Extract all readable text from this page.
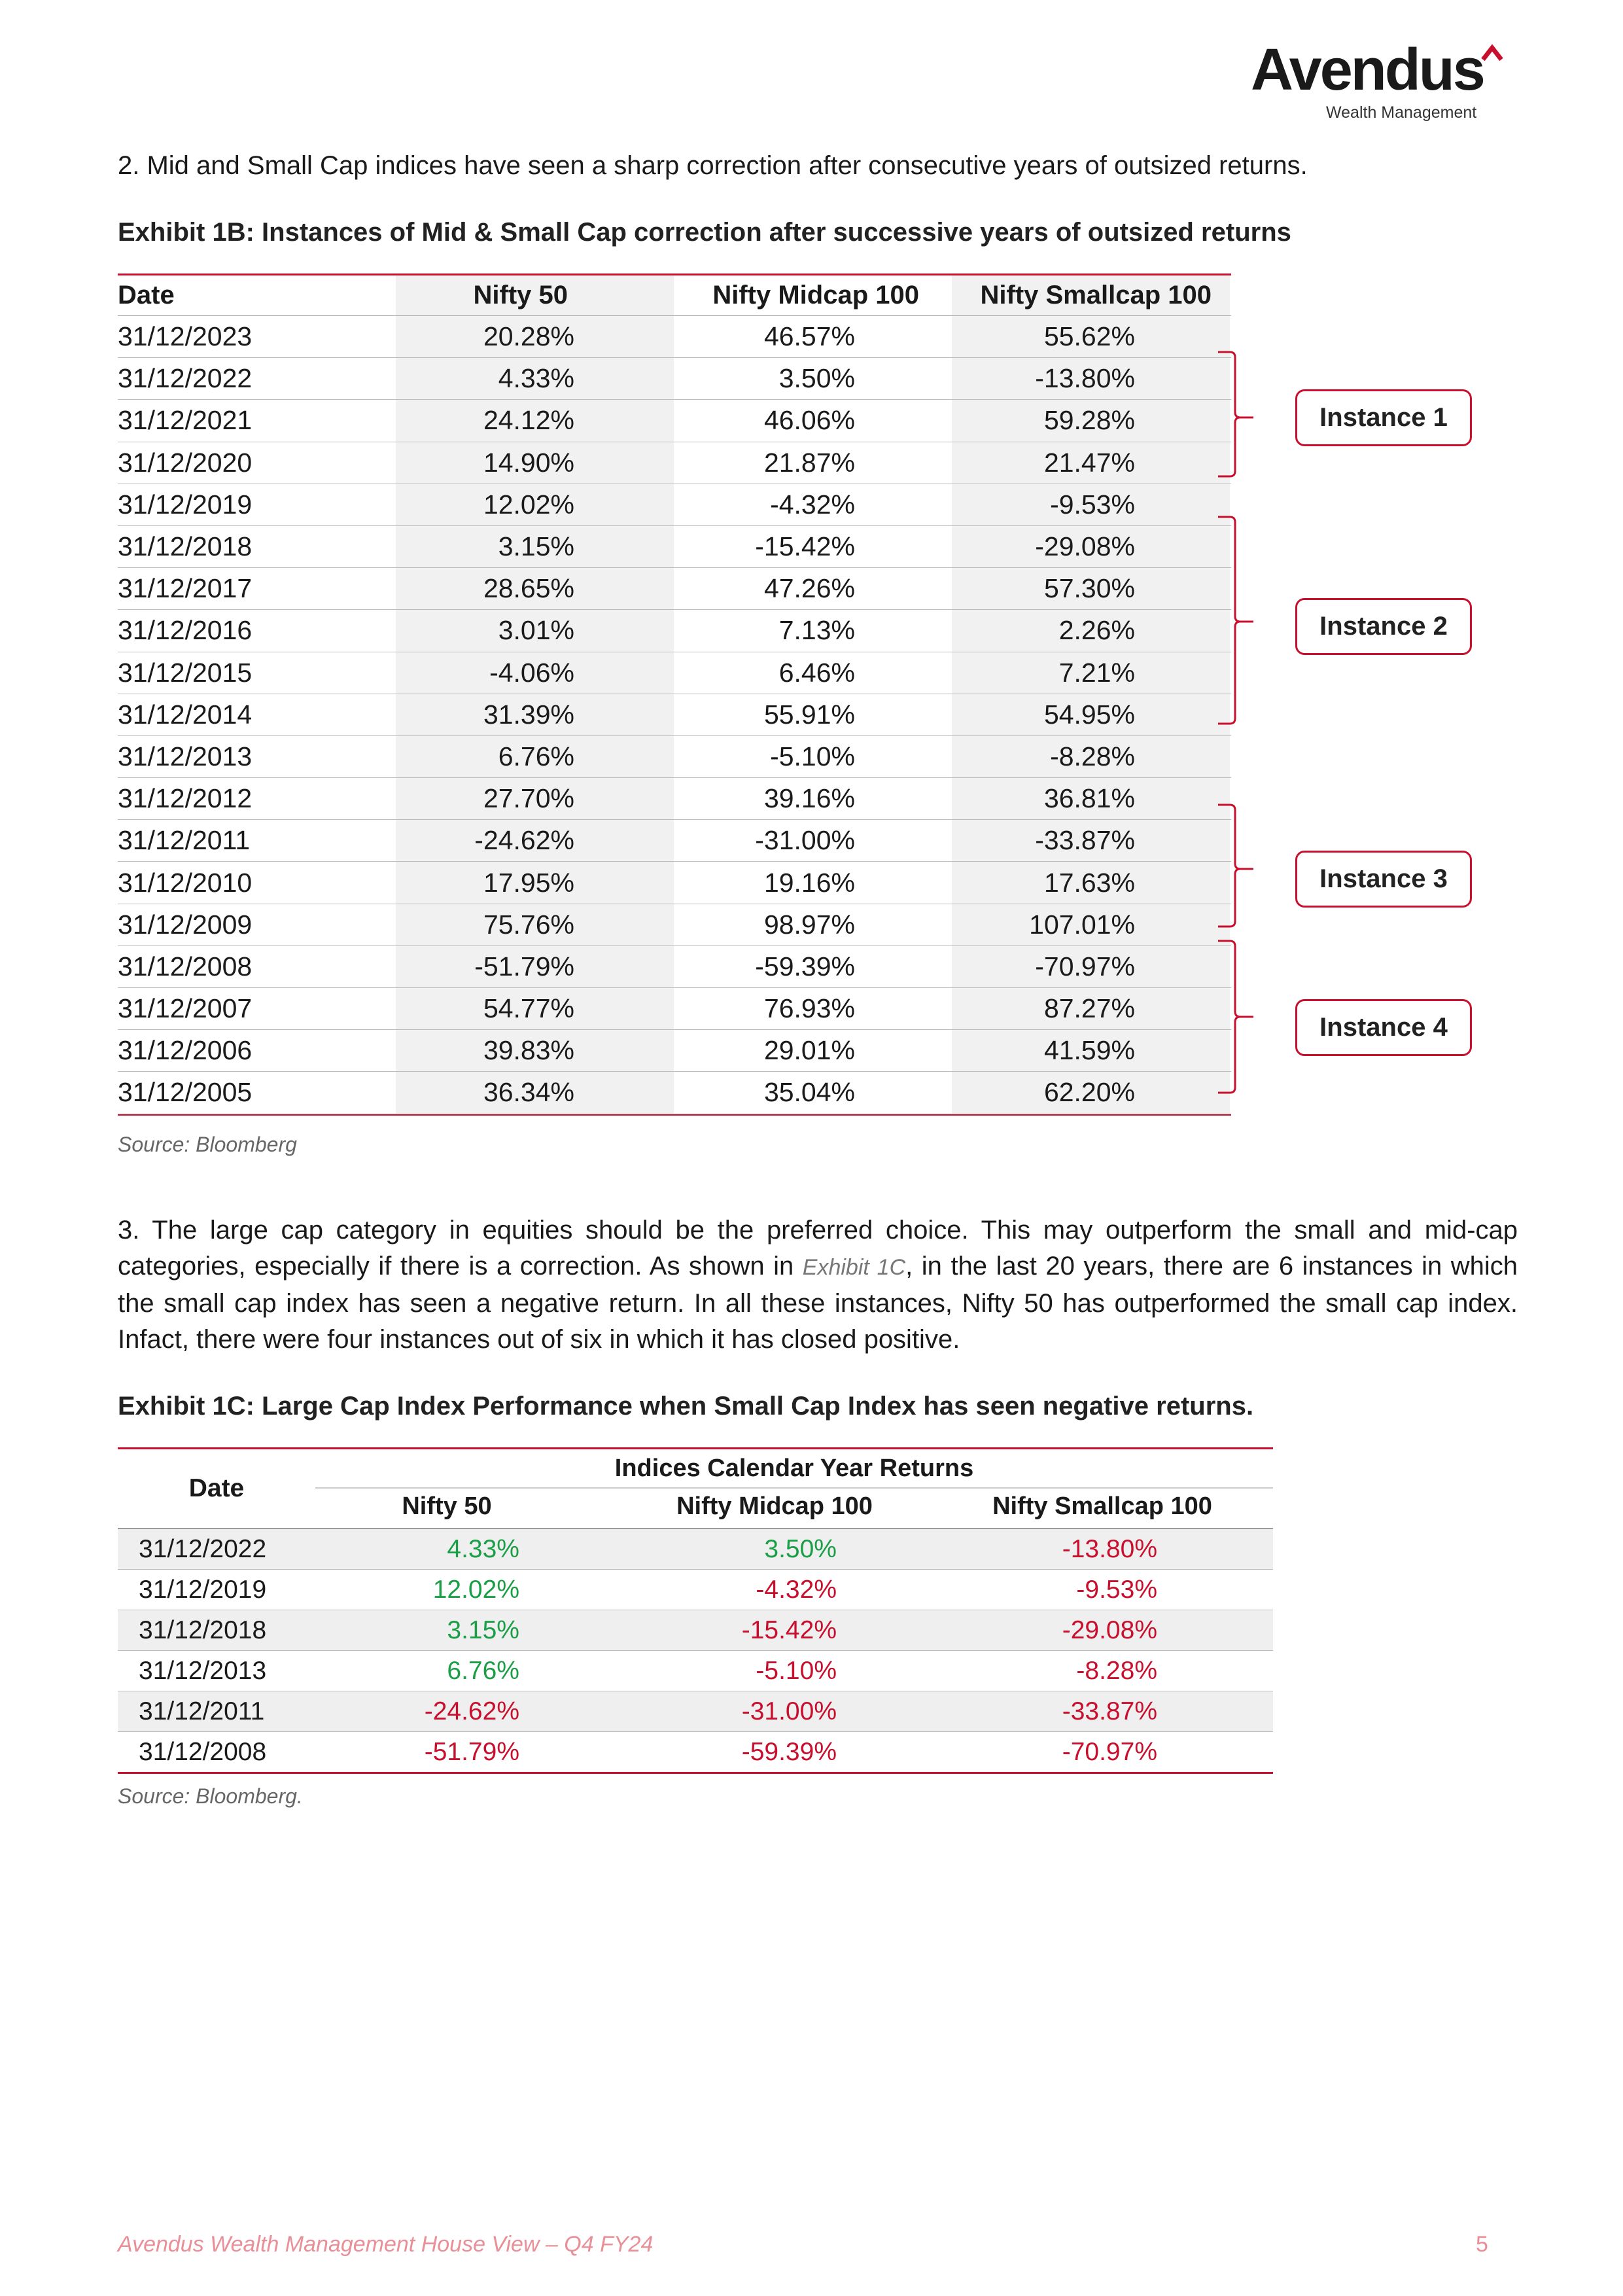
Avendus
Wealth Management
2. Mid and Small Cap indices have seen a sharp correction after consecutive years of outsized returns.
Exhibit 1B: Instances of Mid & Small Cap correction after successive years of outsized returns
Date	Nifty 50	Nifty Midcap 100	Nifty Smallcap 100
31/12/2023	20.28%	46.57%	55.62%
31/12/2022	4.33%	3.50%	-13.80%
31/12/2021	24.12%	46.06%	59.28%
31/12/2020	14.90%	21.87%	21.47%
31/12/2019	12.02%	-4.32%	-9.53%
31/12/2018	3.15%	-15.42%	-29.08%
31/12/2017	28.65%	47.26%	57.30%
31/12/2016	3.01%	7.13%	2.26%
31/12/2015	-4.06%	6.46%	7.21%
31/12/2014	31.39%	55.91%	54.95%
31/12/2013	6.76%	-5.10%	-8.28%
31/12/2012	27.70%	39.16%	36.81%
31/12/2011	-24.62%	-31.00%	-33.87%
31/12/2010	17.95%	19.16%	17.63%
31/12/2009	75.76%	98.97%	107.01%
31/12/2008	-51.79%	-59.39%	-70.97%
31/12/2007	54.77%	76.93%	87.27%
31/12/2006	39.83%	29.01%	41.59%
31/12/2005	36.34%	35.04%	62.20%
Instance 1
Instance 2
Instance 3
Instance 4
Source: Bloomberg
3. The large cap category in equities should be the preferred choice. This may outperform the small and mid-cap categories, especially if there is a correction. As shown in Exhibit 1C, in the last 20 years, there are 6 instances in which the small cap index has seen a negative return. In all these instances, Nifty 50 has outperformed the small cap index. Infact, there were four instances out of six in which it has closed positive.
Exhibit 1C: Large Cap Index Performance when Small Cap Index has seen negative returns.
Date
Indices Calendar Year Returns
Nifty 50	Nifty Midcap 100	Nifty Smallcap 100
31/12/2022	4.33%	3.50%	-13.80%
31/12/2019	12.02%	-4.32%	-9.53%
31/12/2018	3.15%	-15.42%	-29.08%
31/12/2013	6.76%	-5.10%	-8.28%
31/12/2011	-24.62%	-31.00%	-33.87%
31/12/2008	-51.79%	-59.39%	-70.97%
Source: Bloomberg.
Avendus Wealth Management House View – Q4 FY24	5
